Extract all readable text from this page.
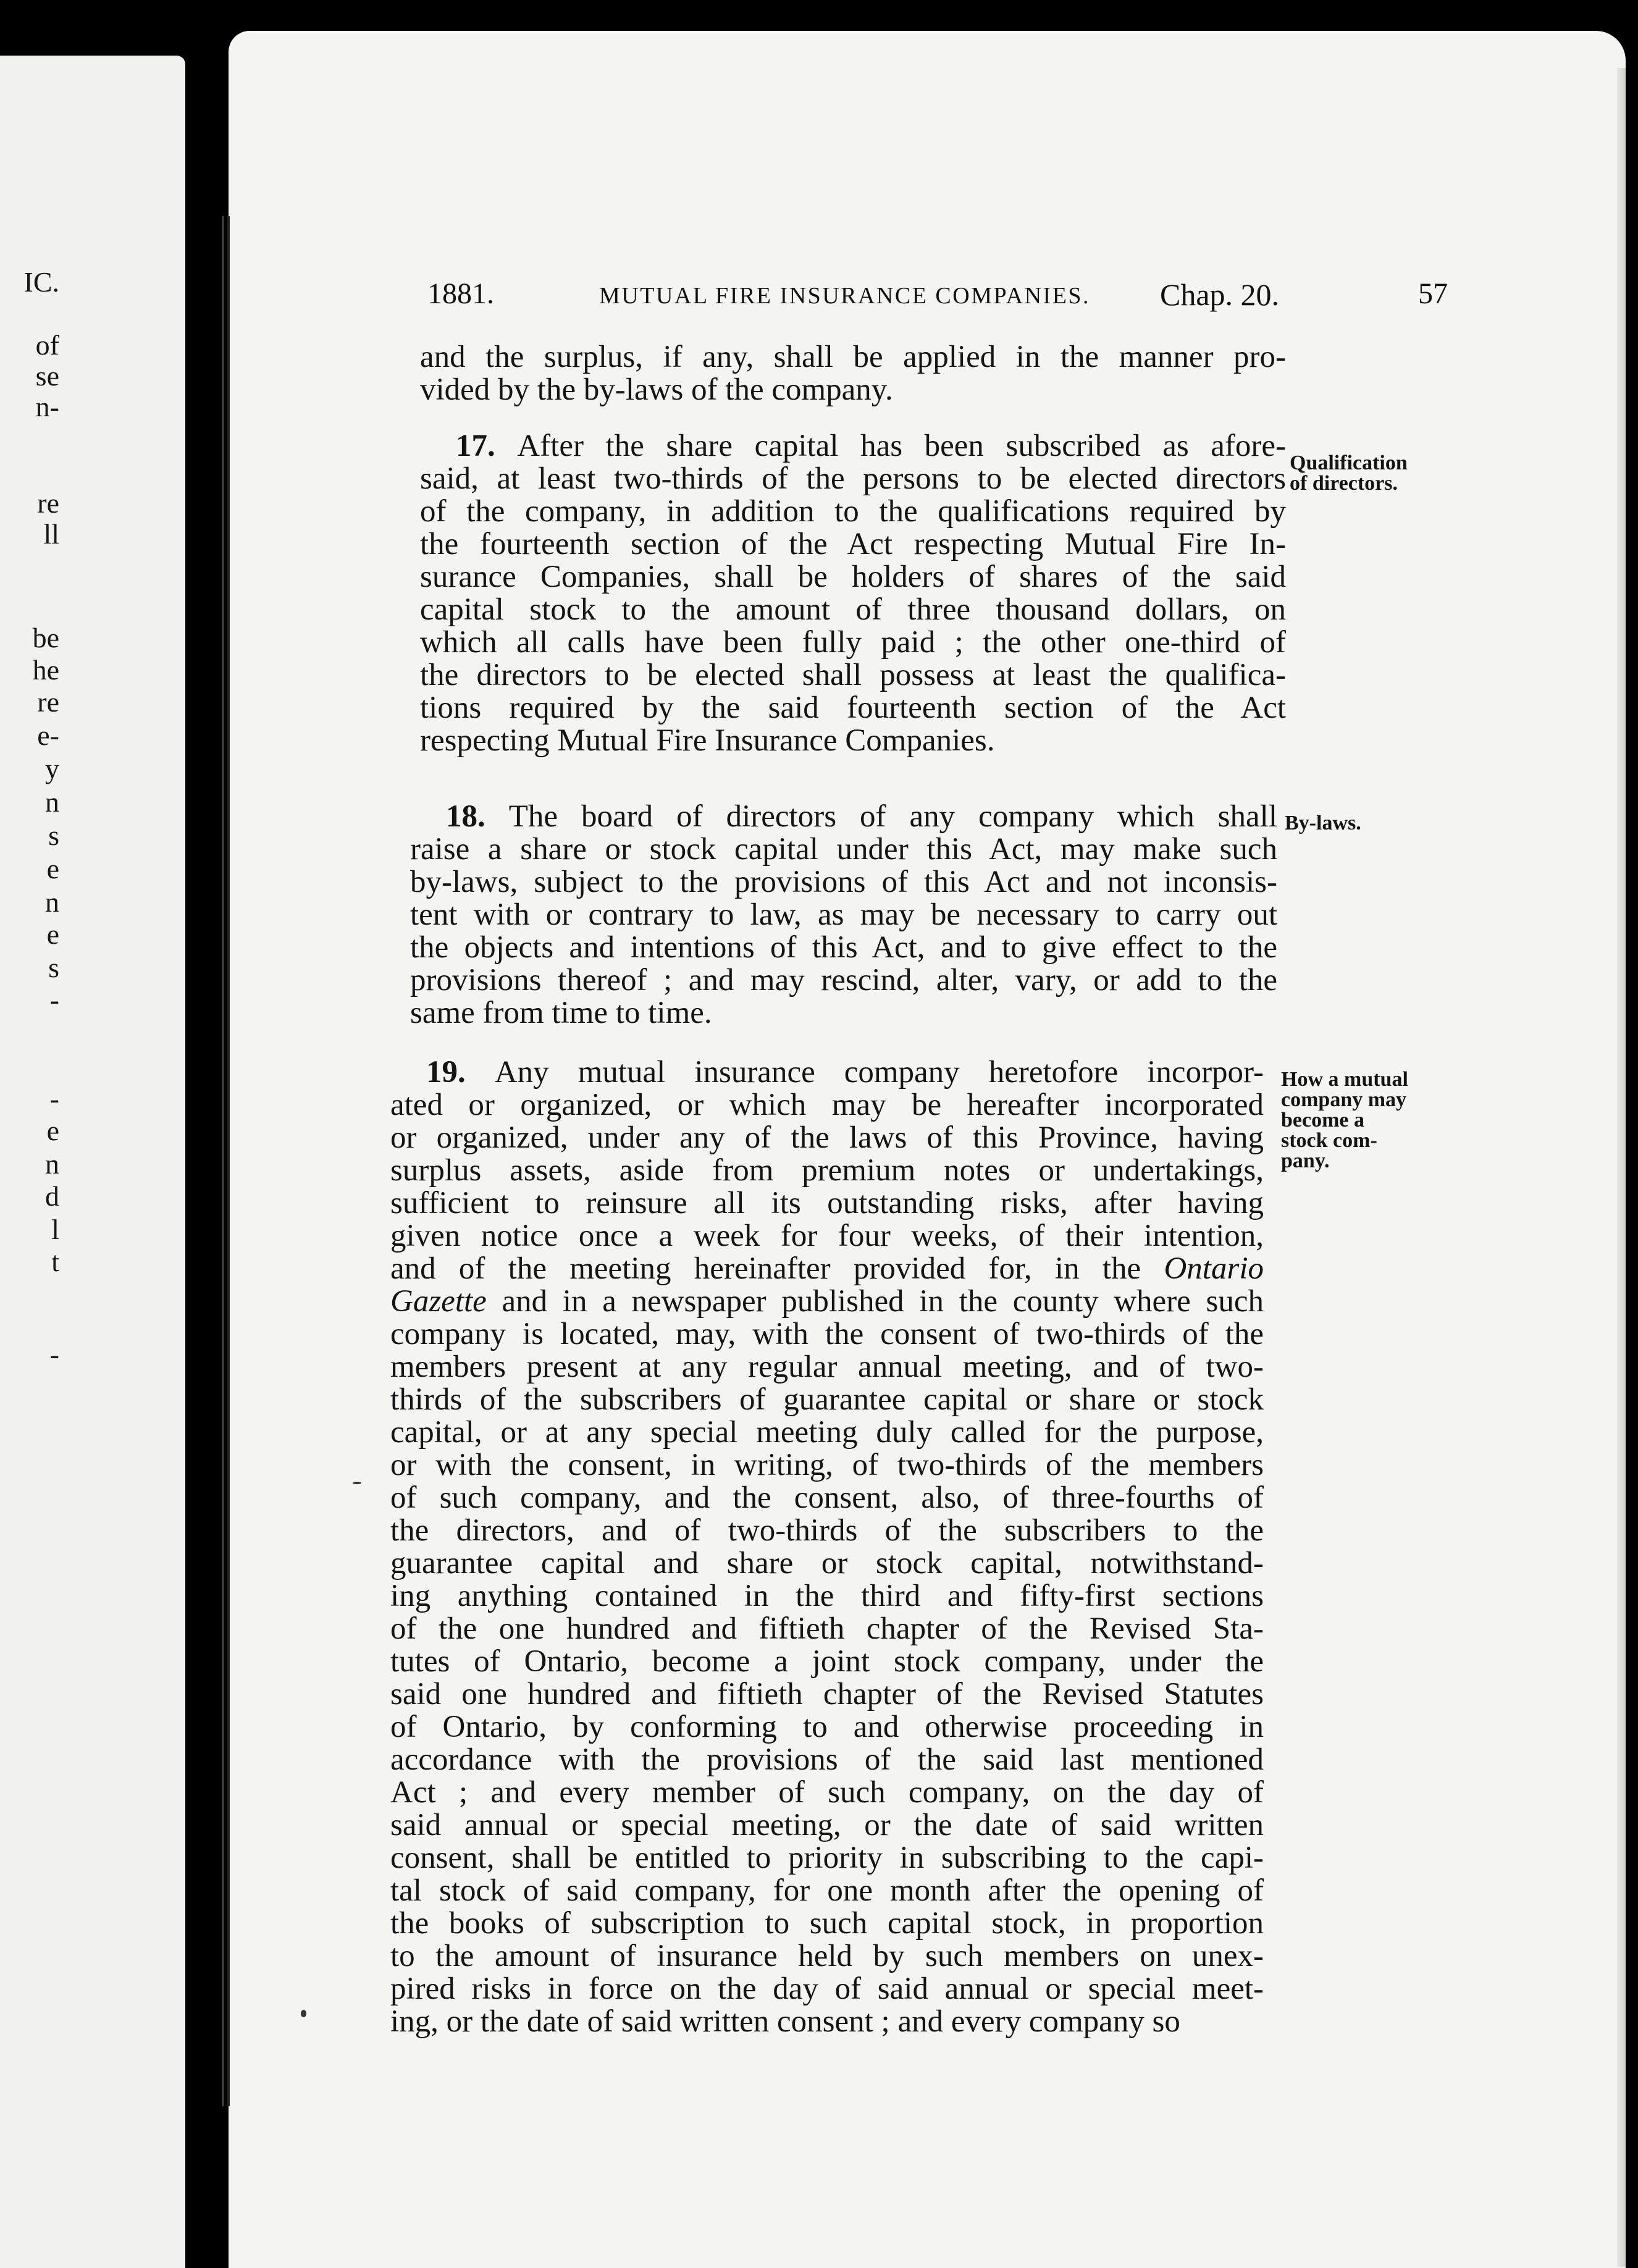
IC.
of
se
n-
re
ll
be
he
re
e-
y
n
s
e
n
e
s
-
-
e
n
d
l
t
-
1881.	MUTUAL FIRE INSURANCE COMPANIES. Chap. 20.	57
and the surplus, if any, shall be applied in the manner pro-
vided by the by-laws of the company.
17. After the share capital has been subscribed as afore-
said, at least two-thirds of the persons to be elected directors
of the company, in addition to the qualifications required by
the fourteenth section of the Act respecting Mutual Fire In-
surance Companies, shall be holders of shares of the said
capital stock to the amount of three thousand dollars, on
which all calls have been fully paid ; the other one-third of
the directors to be elected shall possess at least the qualifica-
tions required by the said fourteenth section of the Act
respecting Mutual Fire Insurance Companies.
18. The board of directors of any company which shall
raise a share or stock capital under this Act, may make such
by-laws, subject to the provisions of this Act and not inconsis-
tent with or contrary to law, as may be necessary to carry out
the objects and intentions of this Act, and to give effect to the
provisions thereof ; and may rescind, alter, vary, or add to the
same from time to time.
19. Any mutual insurance company heretofore incorpor-
ated or organized, or which may be hereafter incorporated
or organized, under any of the laws of this Province, having
surplus assets, aside from premium notes or undertakings,
sufficient to reinsure all its outstanding risks, after having
given notice once a week for four weeks, of their intention,
and of the meeting hereinafter provided for, in the Ontario
Gazette and in a newspaper published in the county where such
company is located, may, with the consent of two-thirds of the
members present at any regular annual meeting, and of two-
thirds of the subscribers of guarantee capital or share or stock
capital, or at any special meeting duly called for the purpose,
or with the consent, in writing, of two-thirds of the members
of such company, and the consent, also, of three-fourths of
the directors, and of two-thirds of the subscribers to the
guarantee capital and share or stock capital, notwithstand-
ing anything contained in the third and fifty-first sections
of the one hundred and fiftieth chapter of the Revised Sta-
tutes of Ontario, become a joint stock company, under the
said one hundred and fiftieth chapter of the Revised Statutes
of Ontario, by conforming to and otherwise proceeding in
accordance with the provisions of the said last mentioned
Act ; and every member of such company, on the day of
said annual or special meeting, or the date of said written
consent, shall be entitled to priority in subscribing to the capi-
tal stock of said company, for one month after the opening of
the books of subscription to such capital stock, in proportion
to the amount of insurance held by such members on unex-
pired risks in force on the day of said annual or special meet-
ing, or the date of said written consent ; and every company so
Qualification
of directors.
By-laws.
How a mutual
company may
become a
stock com-
pany.
